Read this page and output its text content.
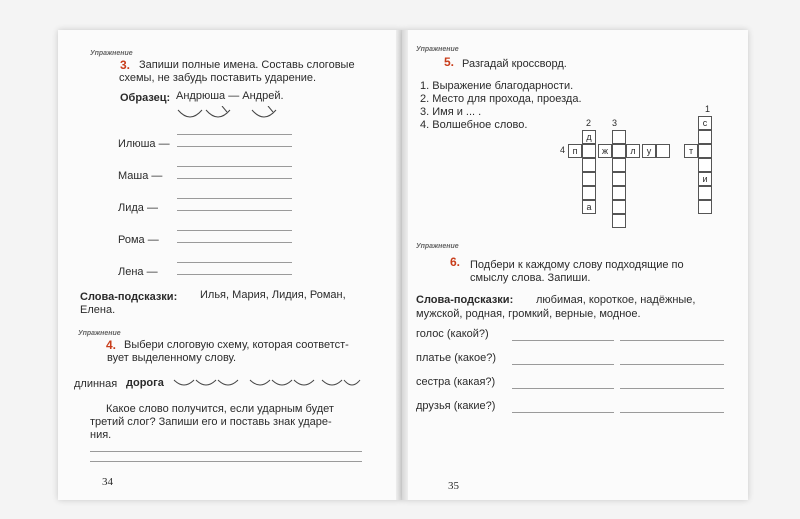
Упражнение
3. Запиши полные имена. Составь слоговые
схемы, не забудь поставить ударение.
Образец: Андрюша — Андрей.
Илюша —
Маша —
Лида —
Рома —
Лена —
Слова-подсказки: Илья, Мария, Лидия, Роман,
Елена.
Упражнение
4. Выбери слоговую схему, которая соответст-
вует выделенному слову.
длинная дорога
Какое слово получится, если ударным будет
третий слог? Запиши его и поставь знак ударе-
ния.
34
Упражнение
5. Разгадай кроссворд.
1. Выражение благодарности.
2. Место для прохода, проезда.
3. Имя и ... .
4. Волшебное слово.
1
2 3
4
с
и
д
а
п	ж	л	у	т
Упражнение
6. Подбери к каждому слову подходящие по
смыслу слова. Запиши.
Слова-подсказки: любимая, короткое, надёжные,
мужской, родная, громкий, верные, модное.
голос (какой?)
платье (какое?)
сестра (какая?)
друзья (какие?)
35
